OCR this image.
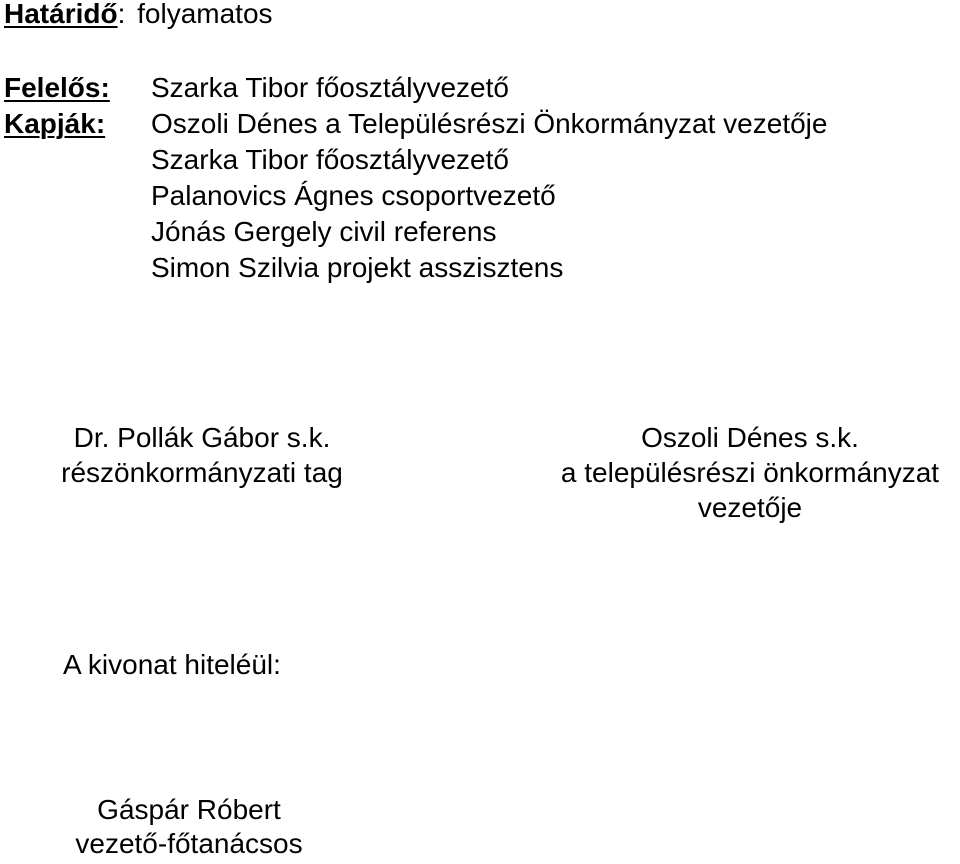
Határidő: folyamatos
Felelős:
Kapják:
Szarka Tibor főosztályvezető
Oszoli Dénes a Településrészi Önkormányzat vezetője
Szarka Tibor főosztályvezető
Palanovics Ágnes csoportvezető
Jónás Gergely civil referens
Simon Szilvia projekt asszisztens
Dr. Pollák Gábor s.k.
részönkormányzati tag
Oszoli Dénes s.k.
a településrészi önkormányzat
vezetője
A kivonat hiteléül:
Gáspár Róbert
vezető-főtanácsos
